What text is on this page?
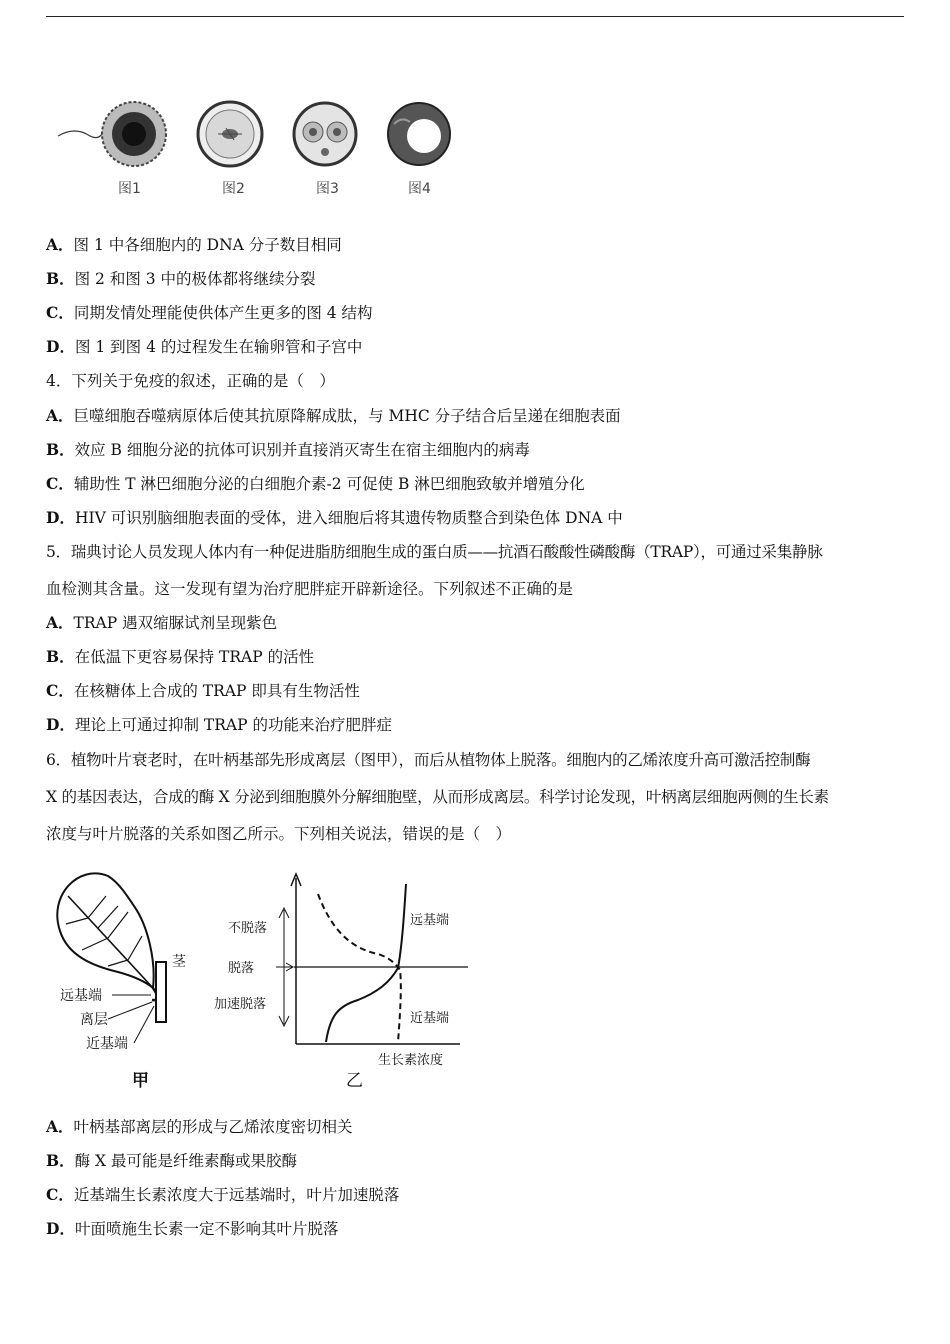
图1	图2	图3	图4
A．图 1 中各细胞内的 DNA 分子数目相同
B．图 2 和图 3 中的极体都将继续分裂
C．同期发情处理能使供体产生更多的图 4 结构
D．图 1 到图 4 的过程发生在输卵管和子宫中
4．下列关于免疫的叙述，正确的是（　）
A．巨噬细胞吞噬病原体后使其抗原降解成肽，与 MHC 分子结合后呈递在细胞表面
B．效应 B 细胞分泌的抗体可识别并直接消灭寄生在宿主细胞内的病毒
C．辅助性 T 淋巴细胞分泌的白细胞介素-2 可促使 B 淋巴细胞致敏并增殖分化
D．HIV 可识别脑细胞表面的受体，进入细胞后将其遗传物质整合到染色体 DNA 中
5．瑞典讨论人员发现人体内有一种促进脂肪细胞生成的蛋白质——抗酒石酸酸性磷酸酶（TRAP），可通过采集静脉
血检测其含量。这一发现有望为治疗肥胖症开辟新途径。下列叙述不正确的是
A．TRAP 遇双缩脲试剂呈现紫色
B．在低温下更容易保持 TRAP 的活性
C．在核糖体上合成的 TRAP 即具有生物活性
D．理论上可通过抑制 TRAP 的功能来治疗肥胖症
6．植物叶片衰老时，在叶柄基部先形成离层（图甲），而后从植物体上脱落。细胞内的乙烯浓度升高可激活控制酶
X 的基因表达，合成的酶 X 分泌到细胞膜外分解细胞壁，从而形成离层。科学讨论发现，叶柄离层细胞两侧的生长素
浓度与叶片脱落的关系如图乙所示。下列相关说法，错误的是（　）
茎
远基端
离层
近基端
甲
不脱落
脱落
加速脱落
远基端
近基端
生长素浓度
乙
A．叶柄基部离层的形成与乙烯浓度密切相关
B．酶 X 最可能是纤维素酶或果胶酶
C．近基端生长素浓度大于远基端时，叶片加速脱落
D．叶面喷施生长素一定不影响其叶片脱落
